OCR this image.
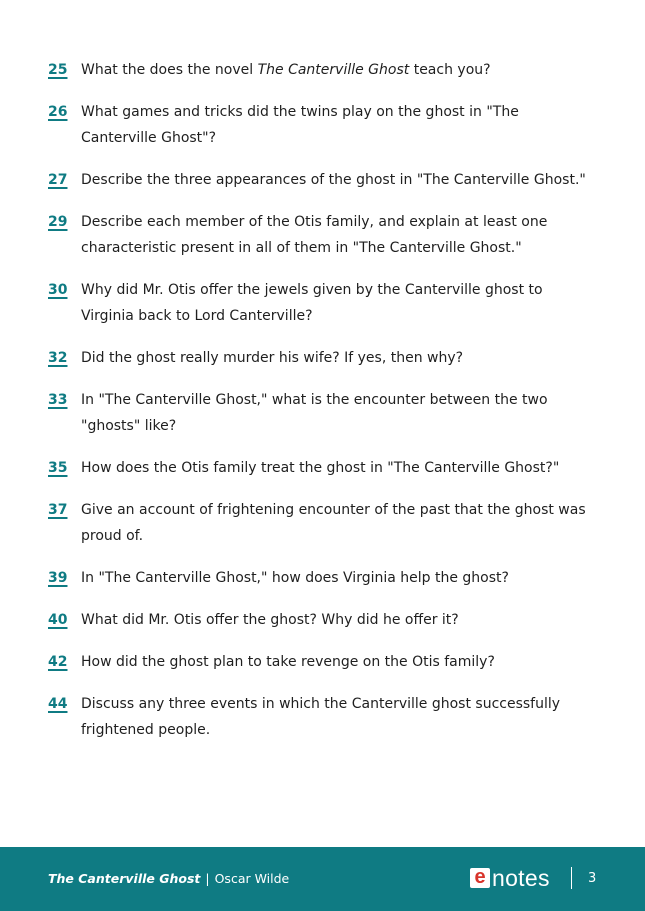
25 What the does the novel The Canterville Ghost teach you?
26 What games and tricks did the twins play on the ghost in "The Canterville Ghost"?
27 Describe the three appearances of the ghost in "The Canterville Ghost."
29 Describe each member of the Otis family, and explain at least one characteristic present in all of them in "The Canterville Ghost."
30 Why did Mr. Otis offer the jewels given by the Canterville ghost to Virginia back to Lord Canterville?
32 Did the ghost really murder his wife? If yes, then why?
33 In "The Canterville Ghost," what is the encounter between the two "ghosts" like?
35 How does the Otis family treat the ghost in "The Canterville Ghost?"
37 Give an account of frightening encounter of the past that the ghost was proud of.
39 In "The Canterville Ghost," how does Virginia help the ghost?
40 What did Mr. Otis offer the ghost? Why did he offer it?
42 How did the ghost plan to take revenge on the Otis family?
44 Discuss any three events in which the Canterville ghost successfully frightened people.
The Canterville Ghost | Oscar Wilde	e notes	3
